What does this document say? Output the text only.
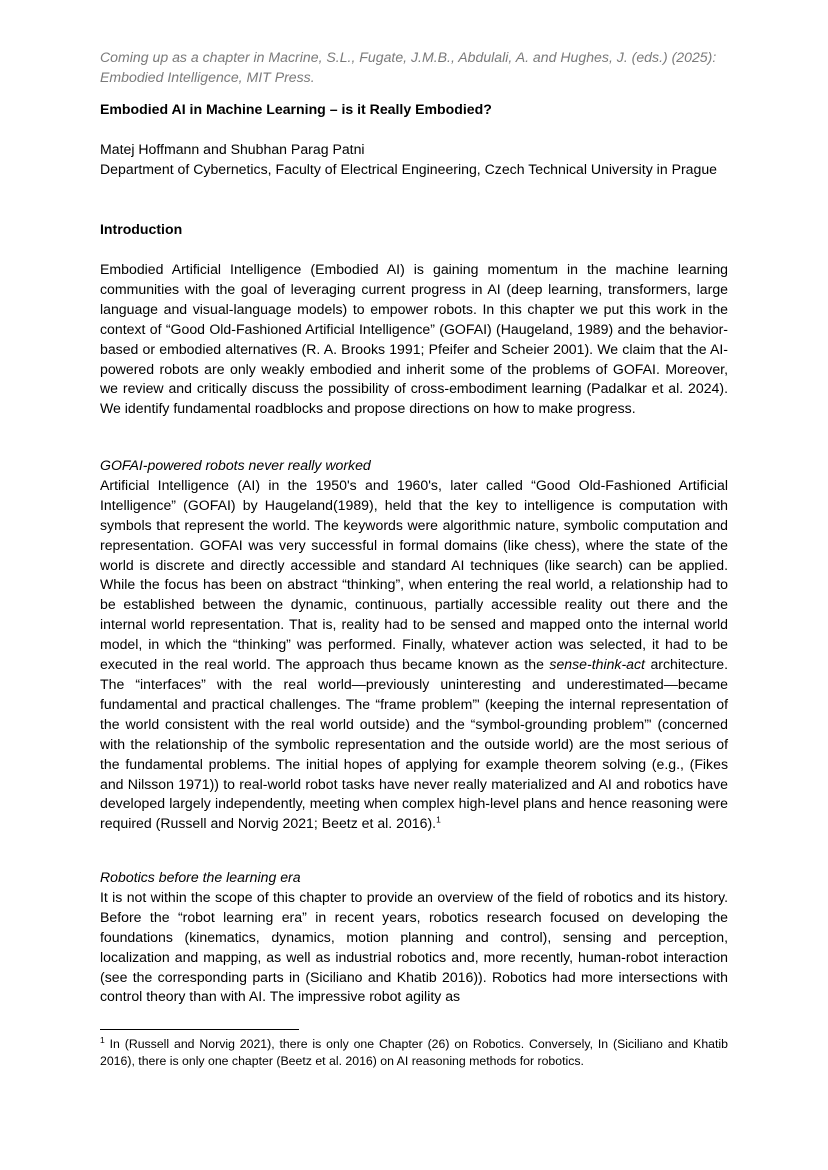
Coming up as a chapter in Macrine, S.L., Fugate, J.M.B., Abdulali, A. and Hughes, J. (eds.) (2025): Embodied Intelligence, MIT Press.

Embodied AI in Machine Learning – is it Really Embodied?

Matej Hoffmann and Shubhan Parag Patni

Department of Cybernetics, Faculty of Electrical Engineering, Czech Technical University in Prague

Introduction

Embodied Artificial Intelligence (Embodied AI) is gaining momentum in the machine learning communities with the goal of leveraging current progress in AI (deep learning, transformers, large language and visual-language models) to empower robots. In this chapter we put this work in the context of “Good Old-Fashioned Artificial Intelligence” (GOFAI) (Haugeland, 1989) and the behavior-based or embodied alternatives (R. A. Brooks 1991; Pfeifer and Scheier 2001). We claim that the AI-powered robots are only weakly embodied and inherit some of the problems of GOFAI. Moreover, we review and critically discuss the possibility of cross-embodiment learning (Padalkar et al. 2024). We identify fundamental roadblocks and propose directions on how to make progress.

GOFAI-powered robots never really worked

Artificial Intelligence (AI) in the 1950's and 1960's, later called “Good Old-Fashioned Artificial Intelligence” (GOFAI) by Haugeland(1989), held that the key to intelligence is computation with symbols that represent the world. The keywords were algorithmic nature, symbolic computation and representation. GOFAI was very successful in formal domains (like chess), where the state of the world is discrete and directly accessible and standard AI techniques (like search) can be applied. While the focus has been on abstract “thinking”, when entering the real world, a relationship had to be established between the dynamic, continuous, partially accessible reality out there and the internal world representation. That is, reality had to be sensed and mapped onto the internal world model, in which the “thinking” was performed. Finally, whatever action was selected, it had to be executed in the real world. The approach thus became known as the sense-think-act architecture. The “interfaces” with the real world—previously uninteresting and underestimated—became fundamental and practical challenges. The “frame problem”' (keeping the internal representation of the world consistent with the real world outside) and the “symbol-grounding problem”' (concerned with the relationship of the symbolic representation and the outside world) are the most serious of the fundamental problems. The initial hopes of applying for example theorem solving (e.g., (Fikes and Nilsson 1971)) to real-world robot tasks have never really materialized and AI and robotics have developed largely independently, meeting when complex high-level plans and hence reasoning were required (Russell and Norvig 2021; Beetz et al. 2016).$^1$

Robotics before the learning era

It is not within the scope of this chapter to provide an overview of the field of robotics and its history. Before the “robot learning era” in recent years, robotics research focused on developing the foundations (kinematics, dynamics, motion planning and control), sensing and perception, localization and mapping, as well as industrial robotics and, more recently, human-robot interaction (see the corresponding parts in (Siciliano and Khatib 2016)). Robotics had more intersections with control theory than with AI. The impressive robot agility as

$^1$ In (Russell and Norvig 2021), there is only one Chapter (26) on Robotics. Conversely, In (Siciliano and Khatib 2016), there is only one chapter (Beetz et al. 2016) on AI reasoning methods for robotics.
